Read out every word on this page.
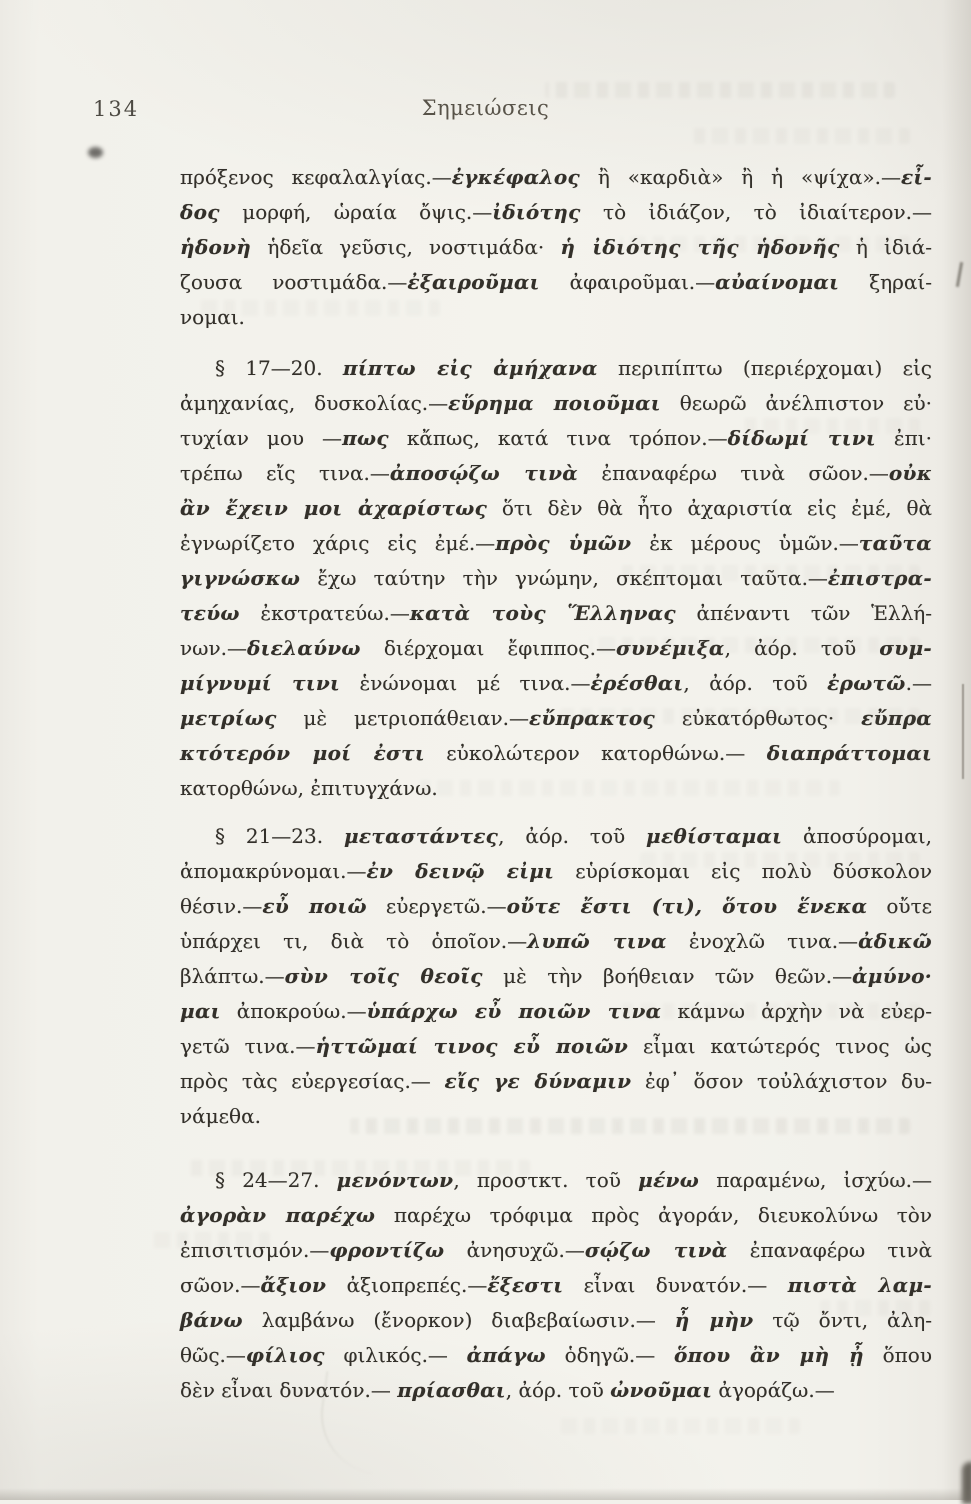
134	Σημειώσεις
πρόξενος κεφαλαλγίας.—ἐγκέφαλος ἢ «καρδιὰ» ἢ ἡ «ψίχα».—εἶ-
δος μορφή, ὡραία ὄψις.—ἰδιότης τὸ ἰδιάζον, τὸ ἰδιαίτερον.—
ἡδονὴ ἡδεῖα γεῦσις, νοστιμάδα· ἡ ἰδιότης τῆς ἡδονῆς ἡ ἰδιά-
ζουσα νοστιμάδα.—ἐξαιροῦμαι ἀφαιροῦμαι.—αὐαίνομαι ξηραί-
νομαι.
§ 17—20. πίπτω εἰς ἀμήχανα περιπίπτω (περιέρχομαι) εἰς
ἀμηχανίας, δυσκολίας.—εὕρημα ποιοῦμαι θεωρῶ ἀνέλπιστον εὐ·
τυχίαν μου —πως κἄπως, κατά τινα τρόπον.—δίδωμί τινι ἐπι·
τρέπω εἴς τινα.—ἀποσῴζω τινὰ ἐπαναφέρω τινὰ σῶον.—οὐκ
ἂν ἔχειν μοι ἀχαρίστως ὅτι δὲν θὰ ἦτο ἀχαριστία εἰς ἐμέ, θὰ
ἐγνωρίζετο χάρις εἰς ἐμέ.—πρὸς ὑμῶν ἐκ μέρους ὑμῶν.—ταῦτα
γιγνώσκω ἔχω ταύτην τὴν γνώμην, σκέπτομαι ταῦτα.—ἐπιστρα-
τεύω ἐκστρατεύω.—κατὰ τοὺς Ἕλληνας ἀπέναντι τῶν Ἑλλή-
νων.—διελαύνω διέρχομαι ἔφιππος.—συνέμιξα, ἀόρ. τοῦ συμ-
μίγνυμί τινι ἑνώνομαι μέ τινα.—ἐρέσθαι, ἀόρ. τοῦ ἐρωτῶ.—
μετρίως μὲ μετριοπάθειαν.—εὔπρακτος εὐκατόρθωτος· εὔπρα
κτότερόν μοί ἐστι εὐκολώτερον κατορθώνω.— διαπράττομαι
κατορθώνω, ἐπιτυγχάνω.
§ 21—23. μεταστάντες, ἀόρ. τοῦ μεθίσταμαι ἀποσύρομαι,
ἀπομακρύνομαι.—ἐν δεινῷ εἰμι εὑρίσκομαι εἰς πολὺ δύσκολον
θέσιν.—εὖ ποιῶ εὐεργετῶ.—οὔτε ἔστι (τι), ὅτου ἕνεκα οὔτε
ὑπάρχει τι, διὰ τὸ ὁποῖον.—λυπῶ τινα ἐνοχλῶ τινα.—ἀδικῶ
βλάπτω.—σὺν τοῖς θεοῖς μὲ τὴν βοήθειαν τῶν θεῶν.—ἀμύνο·
μαι ἀποκρούω.—ὑπάρχω εὖ ποιῶν τινα κάμνω ἀρχὴν νὰ εὐερ-
γετῶ τινα.—ἡττῶμαί τινος εὖ ποιῶν εἶμαι κατώτερός τινος ὡς
πρὸς τὰς εὐεργεσίας.— εἴς γε δύναμιν ἐφ᾽ ὅσον τοὐλάχιστον δυ-
νάμεθα.
§ 24—27. μενόντων, προστκτ. τοῦ μένω παραμένω, ἰσχύω.—
ἀγορὰν παρέχω παρέχω τρόφιμα πρὸς ἀγοράν, διευκολύνω τὸν
ἐπισιτισμόν.—φροντίζω ἀνησυχῶ.—σῴζω τινὰ ἐπαναφέρω τινὰ
σῶον.—ἄξιον ἀξιοπρεπές.—ἔξεστι εἶναι δυνατόν.— πιστὰ λαμ-
βάνω λαμβάνω (ἔνορκον) διαβεβαίωσιν.— ἦ μὴν τῷ ὄντι, ἀλη-
θῶς.—φίλιος φιλικός.— ἀπάγω ὁδηγῶ.— ὅπου ἂν μὴ ᾖ ὅπου
δὲν εἶναι δυνατόν.— πρίασθαι, ἀόρ. τοῦ ὠνοῦμαι ἀγοράζω.—
